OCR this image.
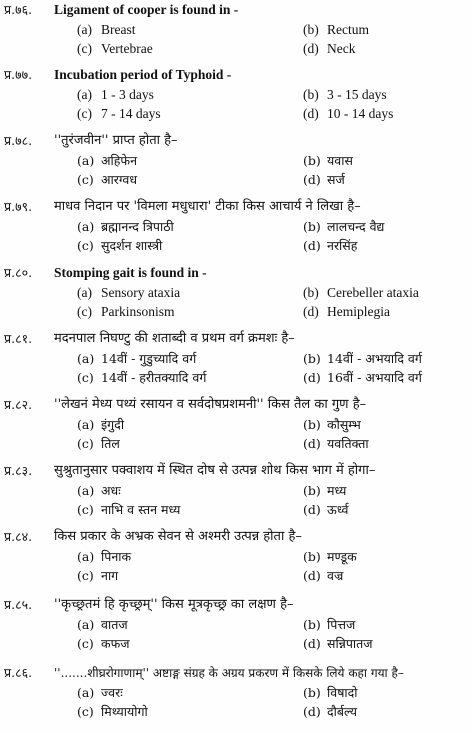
प्र.७६. Ligament of cooper is found in -
(a) Breast	(b) Rectum
(c) Vertebrae	(d) Neck
प्र.७७. Incubation period of Typhoid -
(a) 1 - 3 days	(b) 3 - 15 days
(c) 7 - 14 days	(d) 10 - 14 days
प्र.७८. ''तुरंजवीन'' प्राप्त होता है–
(a) अहिफेन	(b) यवास
(c) आरग्वध	(d) सर्ज
प्र.७९. माधव निदान पर 'विमला मधुधारा' टीका किस आचार्य ने लिखा है–
(a) ब्रह्मानन्द त्रिपाठी	(b) लालचन्द वैद्य
(c) सुदर्शन शास्त्री	(d) नरसिंह
प्र.८०. Stomping gait is found in -
(a) Sensory ataxia	(b) Cerebeller ataxia
(c) Parkinsonism	(d) Hemiplegia
प्र.८१. मदनपाल निघण्टु की शताब्दी व प्रथम वर्ग क्रमशः है–
(a) 14वीं - गुडुच्यादि वर्ग	(b) 14वीं - अभयादि वर्ग
(c) 14वीं - हरीतक्यादि वर्ग	(d) 16वीं - अभयादि वर्ग
प्र.८२. ''लेखनं मेध्य पथ्यं रसायन व सर्वदोषप्रशमनी'' किस तैल का गुण है–
(a) इंगुदी	(b) कौसुम्भ
(c) तिल	(d) यवतिक्ता
प्र.८३. सुश्रुतानुसार पक्वाशय में स्थित दोष से उत्पन्न शोथ किस भाग में होगा–
(a) अधः	(b) मध्य
(c) नाभि व स्तन मध्य	(d) ऊर्ध्व
प्र.८४. किस प्रकार के अभ्रक सेवन से अश्मरी उत्पन्न होता है–
(a) पिनाक	(b) मण्डूक
(c) नाग	(d) वज्र
प्र.८५. ''कृच्छ्रतमं हि कृच्छ्रम्'' किस मूत्रकृच्छ्र का लक्षण है–
(a) वातज	(b) पित्तज
(c) कफज	(d) सन्निपातज
प्र.८६. ''.......शीघ्ररोगाणाम्'' अष्टाङ्ग संग्रह के अग्रय प्रकरण में किसके लिये कहा गया है–
(a) ज्वरः	(b) विषादो
(c) मिथ्यायोगो	(d) दौर्बल्य
